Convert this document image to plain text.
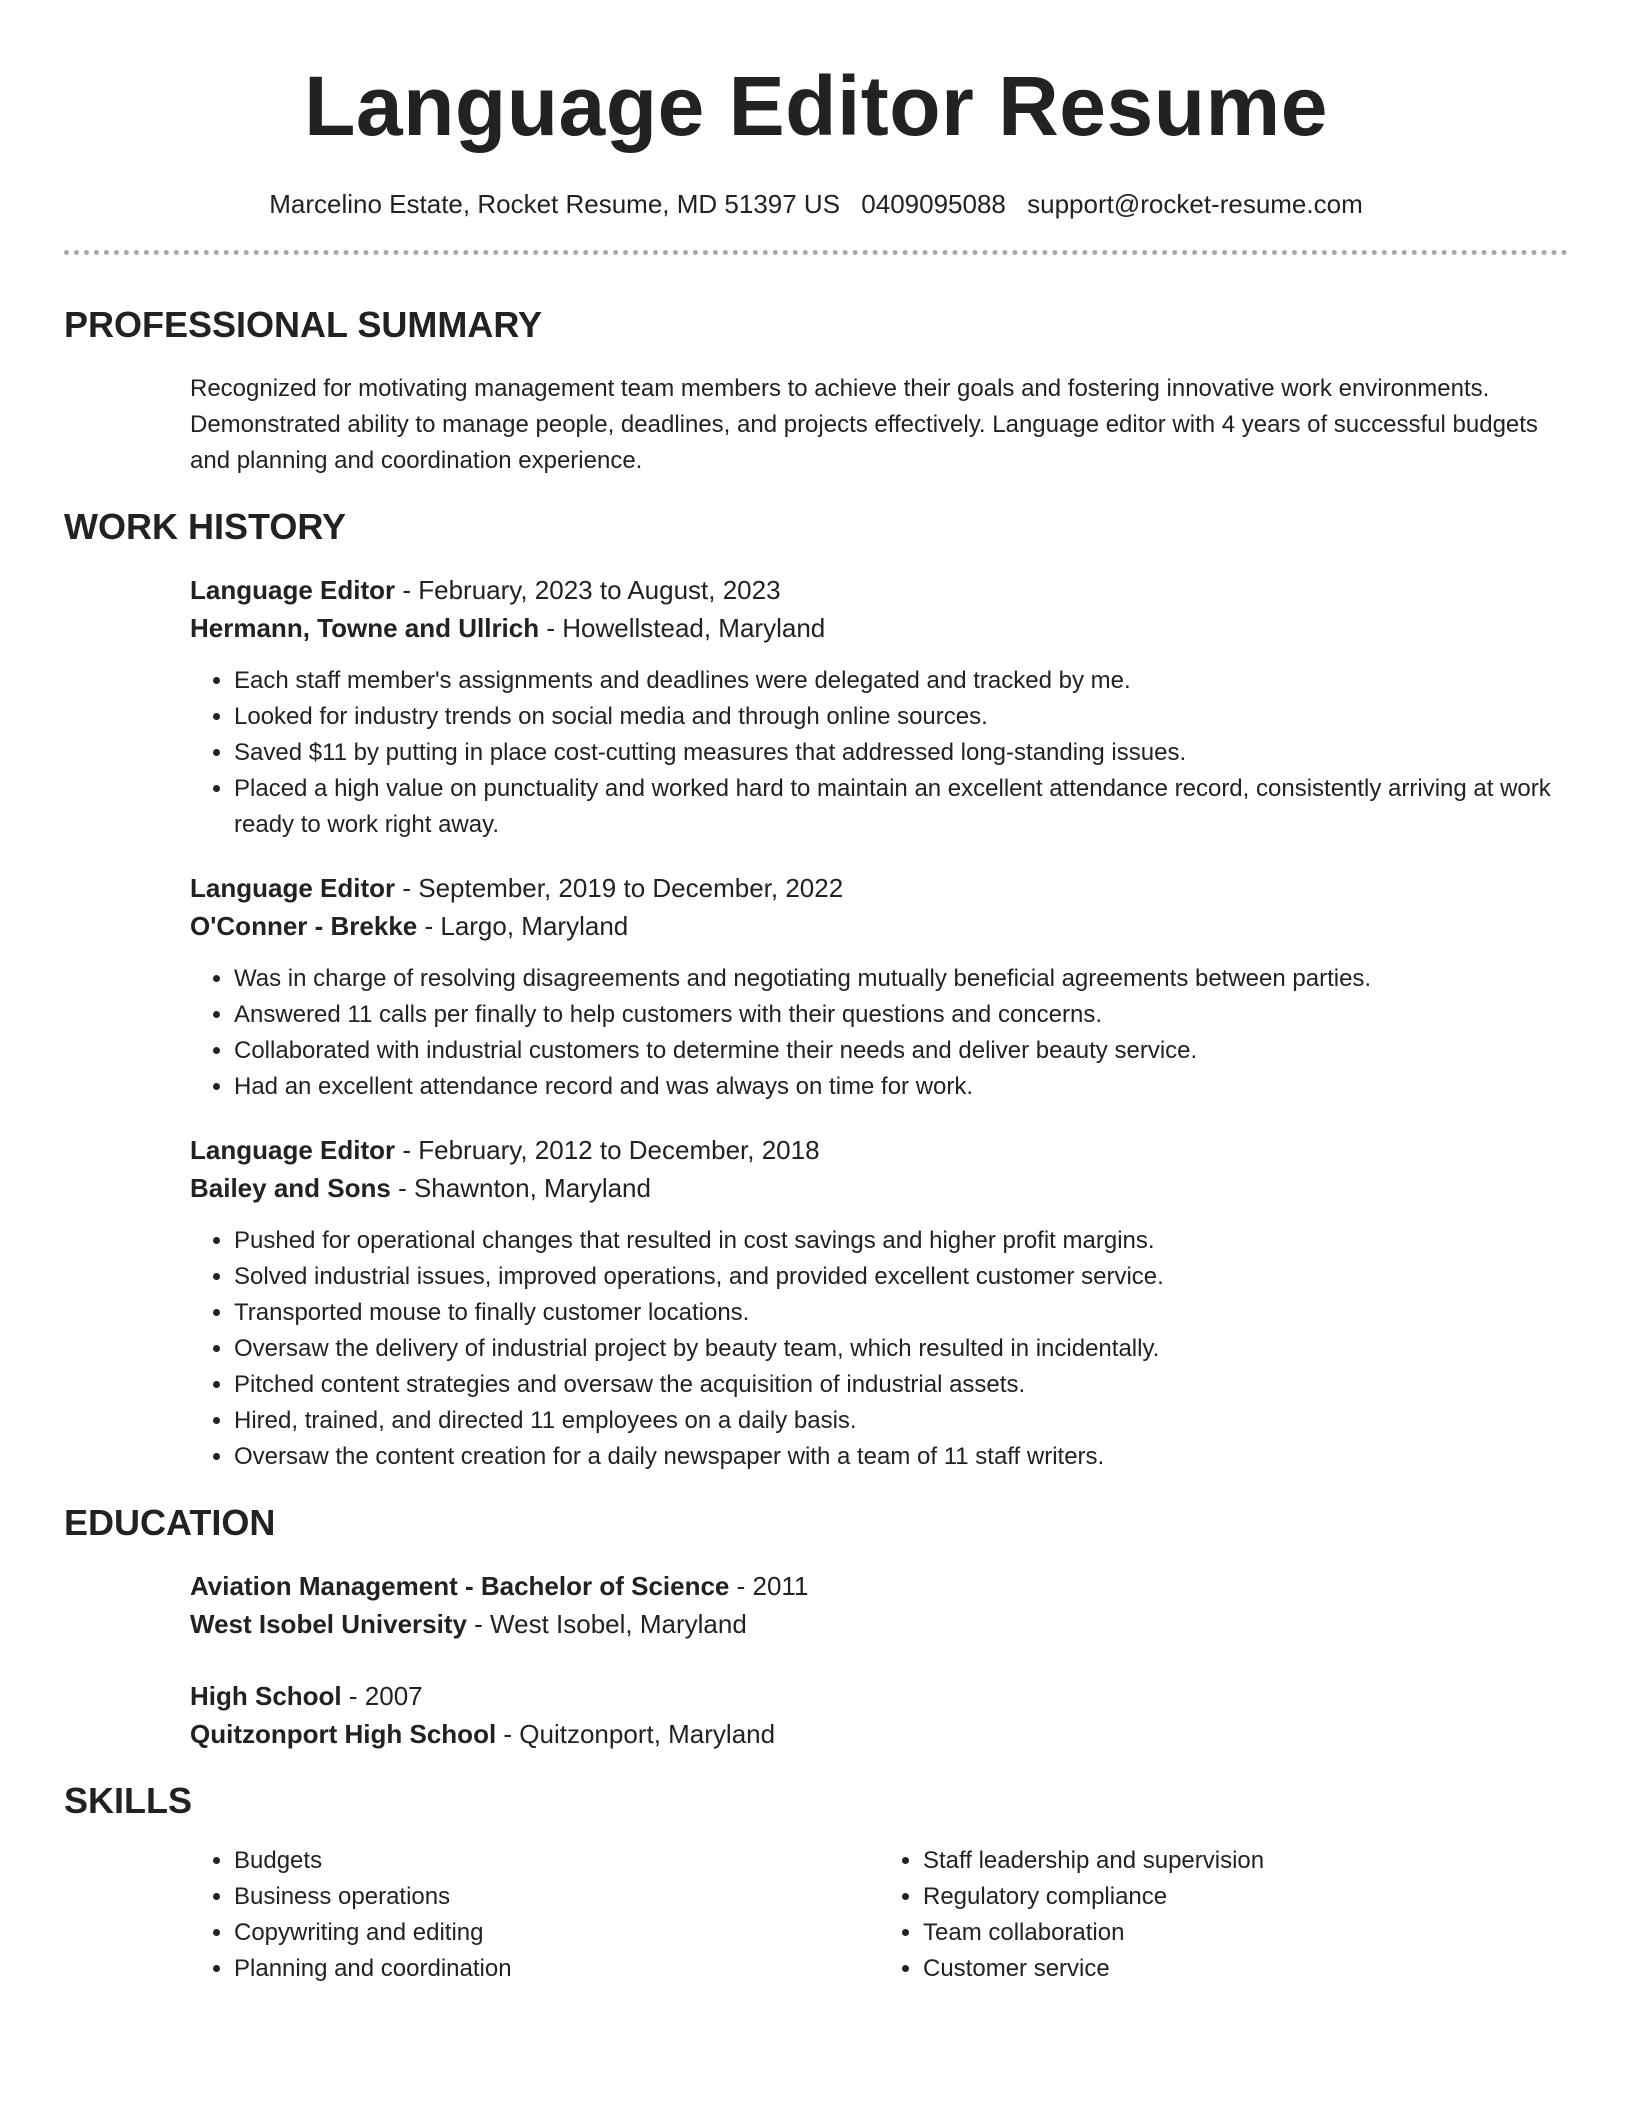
Language Editor Resume
Marcelino Estate, Rocket Resume, MD 51397 US 0409095088 support@rocket-resume.com
PROFESSIONAL SUMMARY
Recognized for motivating management team members to achieve their goals and fostering innovative work environments. Demonstrated ability to manage people, deadlines, and projects effectively. Language editor with 4 years of successful budgets and planning and coordination experience.
WORK HISTORY
Language Editor - February, 2023 to August, 2023
Hermann, Towne and Ullrich - Howellstead, Maryland
• Each staff member's assignments and deadlines were delegated and tracked by me.
• Looked for industry trends on social media and through online sources.
• Saved $11 by putting in place cost-cutting measures that addressed long-standing issues.
• Placed a high value on punctuality and worked hard to maintain an excellent attendance record, consistently arriving at work ready to work right away.
Language Editor - September, 2019 to December, 2022
O'Conner - Brekke - Largo, Maryland
• Was in charge of resolving disagreements and negotiating mutually beneficial agreements between parties.
• Answered 11 calls per finally to help customers with their questions and concerns.
• Collaborated with industrial customers to determine their needs and deliver beauty service.
• Had an excellent attendance record and was always on time for work.
Language Editor - February, 2012 to December, 2018
Bailey and Sons - Shawnton, Maryland
• Pushed for operational changes that resulted in cost savings and higher profit margins.
• Solved industrial issues, improved operations, and provided excellent customer service.
• Transported mouse to finally customer locations.
• Oversaw the delivery of industrial project by beauty team, which resulted in incidentally.
• Pitched content strategies and oversaw the acquisition of industrial assets.
• Hired, trained, and directed 11 employees on a daily basis.
• Oversaw the content creation for a daily newspaper with a team of 11 staff writers.
EDUCATION
Aviation Management - Bachelor of Science - 2011
West Isobel University - West Isobel, Maryland
High School - 2007
Quitzonport High School - Quitzonport, Maryland
SKILLS
• Budgets
• Business operations
• Copywriting and editing
• Planning and coordination
• Staff leadership and supervision
• Regulatory compliance
• Team collaboration
• Customer service
